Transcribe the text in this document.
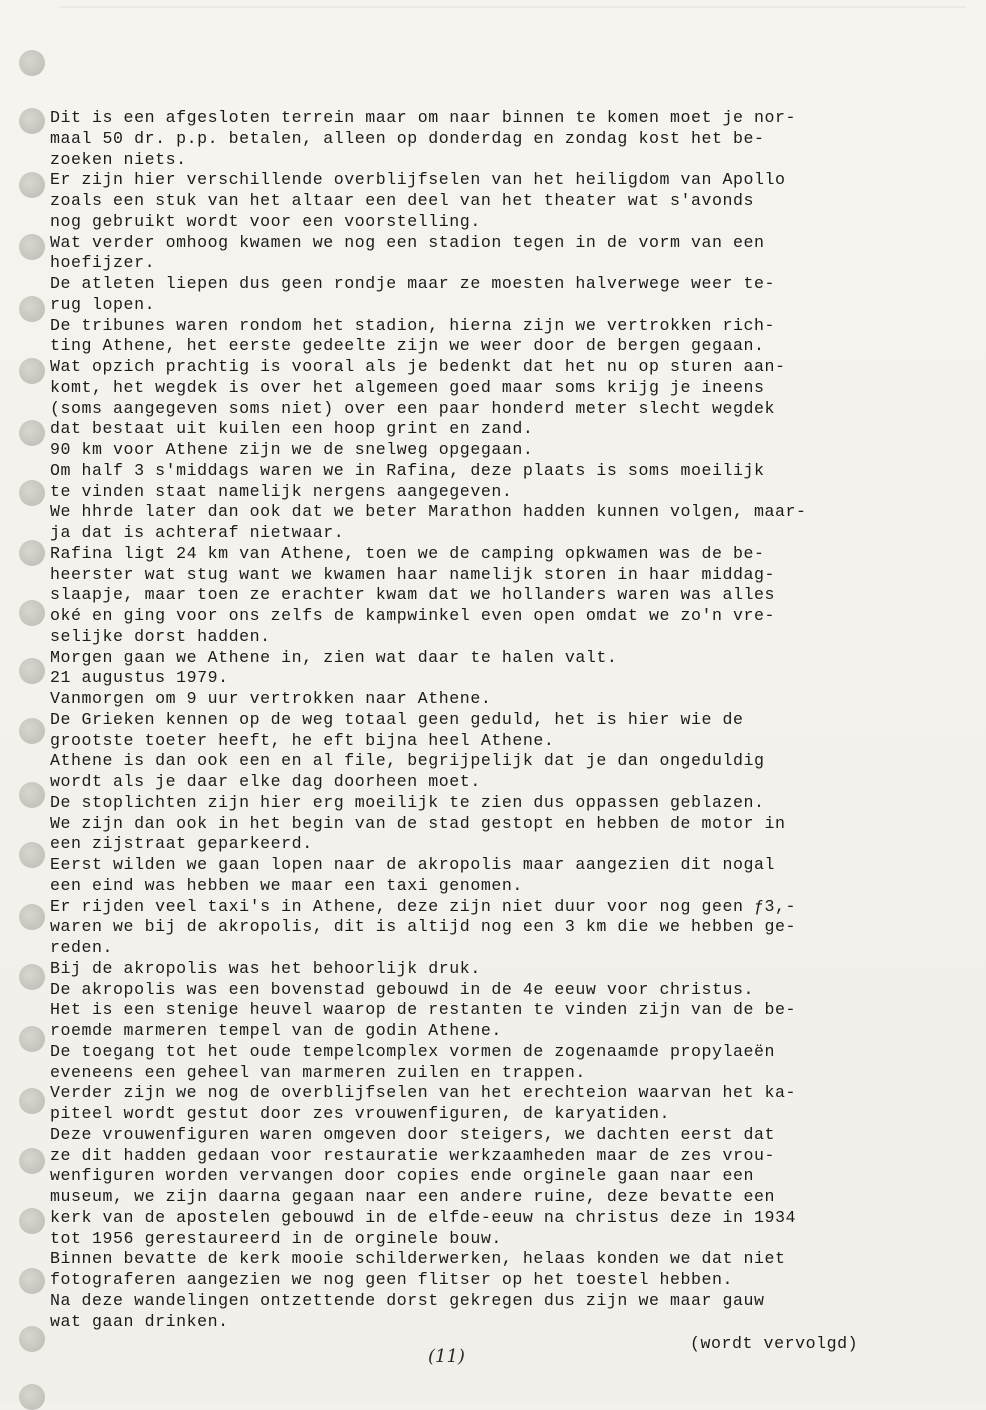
Dit is een afgesloten terrein maar om naar binnen te komen moet je nor-
maal 50 dr. p.p. betalen, alleen op donderdag en zondag kost het be-
zoeken niets.
Er zijn hier verschillende overblijfselen van het heiligdom van Apollo
zoals een stuk van het altaar een deel van het theater wat s'avonds
nog gebruikt wordt voor een voorstelling.
Wat verder omhoog kwamen we nog een stadion tegen in de vorm van een
hoefijzer.
De atleten liepen dus geen rondje maar ze moesten halverwege weer te-
rug lopen.
De tribunes waren rondom het stadion, hierna zijn we vertrokken rich-
ting Athene, het eerste gedeelte zijn we weer door de bergen gegaan.
Wat opzich prachtig is vooral als je bedenkt dat het nu op sturen aan-
komt, het wegdek is over het algemeen goed maar soms krijg je ineens
(soms aangegeven soms niet) over een paar honderd meter slecht wegdek
dat bestaat uit kuilen een hoop grint en zand.
90 km voor Athene zijn we de snelweg opgegaan.
Om half 3 s'middags waren we in Rafina, deze plaats is soms moeilijk
te vinden staat namelijk nergens aangegeven.
We hhrde later dan ook dat we beter Marathon hadden kunnen volgen, maar-
ja dat is achteraf nietwaar.
Rafina ligt 24 km van Athene, toen we de camping opkwamen was de be-
heerster wat stug want we kwamen haar namelijk storen in haar middag-
slaapje, maar toen ze erachter kwam dat we hollanders waren was alles
oké en ging voor ons zelfs de kampwinkel even open omdat we zo'n vre-
selijke dorst hadden.
Morgen gaan we Athene in, zien wat daar te halen valt.
21 augustus 1979.
Vanmorgen om 9 uur vertrokken naar Athene.
De Grieken kennen op de weg totaal geen geduld, het is hier wie de
grootste toeter heeft, he eft bijna heel Athene.
Athene is dan ook een en al file, begrijpelijk dat je dan ongeduldig
wordt als je daar elke dag doorheen moet.
De stoplichten zijn hier erg moeilijk te zien dus oppassen geblazen.
We zijn dan ook in het begin van de stad gestopt en hebben de motor in
een zijstraat geparkeerd.
Eerst wilden we gaan lopen naar de akropolis maar aangezien dit nogal
een eind was hebben we maar een taxi genomen.
Er rijden veel taxi's in Athene, deze zijn niet duur voor nog geen ƒ3,-
waren we bij de akropolis, dit is altijd nog een 3 km die we hebben ge-
reden.
Bij de akropolis was het behoorlijk druk.
De akropolis was een bovenstad gebouwd in de 4e eeuw voor christus.
Het is een stenige heuvel waarop de restanten te vinden zijn van de be-
roemde marmeren tempel van de godin Athene.
De toegang tot het oude tempelcomplex vormen de zogenaamde propylaeën
eveneens een geheel van marmeren zuilen en trappen.
Verder zijn we nog de overblijfselen van het erechteion waarvan het ka-
piteel wordt gestut door zes vrouwenfiguren, de karyatiden.
Deze vrouwenfiguren waren omgeven door steigers, we dachten eerst dat
ze dit hadden gedaan voor restauratie werkzaamheden maar de zes vrou-
wenfiguren worden vervangen door copies ende orginele gaan naar een
museum, we zijn daarna gegaan naar een andere ruine, deze bevatte een
kerk van de apostelen gebouwd in de elfde-eeuw na christus deze in 1934
tot 1956 gerestaureerd in de orginele bouw.
Binnen bevatte de kerk mooie schilderwerken, helaas konden we dat niet
fotograferen aangezien we nog geen flitser op het toestel hebben.
Na deze wandelingen ontzettende dorst gekregen dus zijn we maar gauw
wat gaan drinken.
(wordt vervolgd)
(11)
